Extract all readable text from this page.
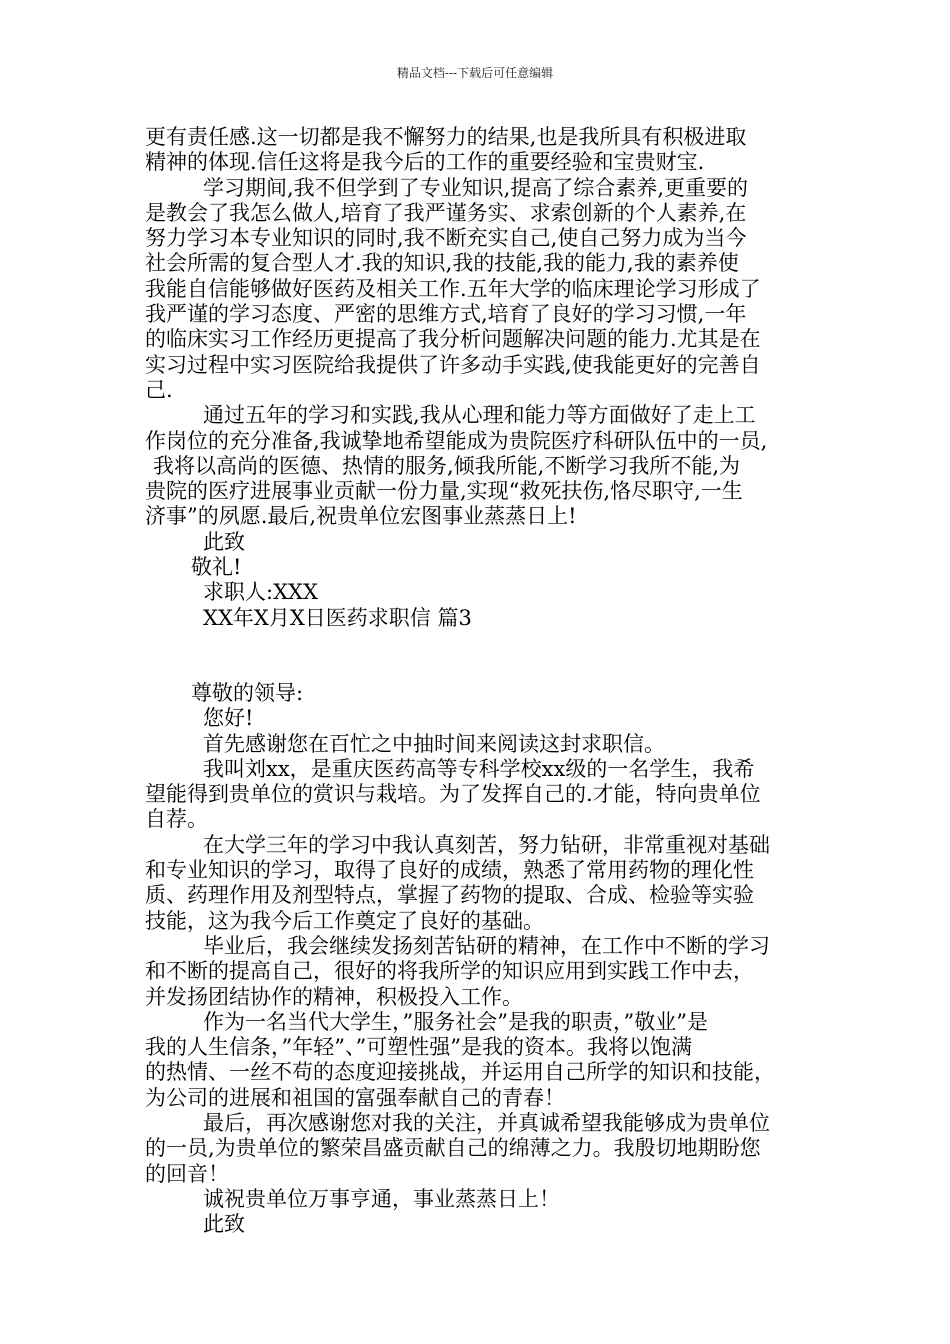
精品文档---下载后可任意编辑

更有责任感.这一切都是我不懈努力的结果,也是我所具有积极进取

精神的体现.信任这将是我今后的工作的重要经验和宝贵财宝.

学习期间,我不但学到了专业知识,提高了综合素养,更重要的

是教会了我怎么做人,培育了我严谨务实、求索创新的个人素养,在

努力学习本专业知识的同时,我不断充实自己,使自己努力成为当今

社会所需的复合型人才.我的知识,我的技能,我的能力,我的素养使

我能自信能够做好医药及相关工作.五年大学的临床理论学习形成了

我严谨的学习态度、严密的思维方式,培育了良好的学习习惯,一年

的临床实习工作经历更提高了我分析问题解决问题的能力.尤其是在

实习过程中实习医院给我提供了许多动手实践,使我能更好的完善自

己.

通过五年的学习和实践,我从心理和能力等方面做好了走上工

作岗位的充分准备,我诚挚地希望能成为贵院医疗科研队伍中的一员,

我将以高尚的医德、热情的服务,倾我所能,不断学习我所不能,为

贵院的医疗进展事业贡献一份力量,实现“救死扶伤,恪尽职守,一生

济事”的夙愿.最后,祝贵单位宏图事业蒸蒸日上!

此致

敬礼!

求职人:XXX

XX年X月X日医药求职信 篇3

尊敬的领导:

您好!

首先感谢您在百忙之中抽时间来阅读这封求职信。

我叫刘xx，是重庆医药高等专科学校xx级的一名学生，我希

望能得到贵单位的赏识与栽培。为了发挥自己的.才能，特向贵单位

自荐。

在大学三年的学习中我认真刻苦，努力钻研，非常重视对基础

和专业知识的学习，取得了良好的成绩，熟悉了常用药物的理化性

质、药理作用及剂型特点，掌握了药物的提取、合成、检验等实验

技能，这为我今后工作奠定了良好的基础。

毕业后，我会继续发扬刻苦钻研的精神，在工作中不断的学习

和不断的提高自己，很好的将我所学的知识应用到实践工作中去，

并发扬团结协作的精神，积极投入工作。

作为一名当代大学生，”服务社会”是我的职责，”敬业”是

我的人生信条，”年轻”、”可塑性强”是我的资本。我将以饱满

的热情、一丝不苟的态度迎接挑战，并运用自己所学的知识和技能，

为公司的进展和祖国的富强奉献自己的青春！

最后，再次感谢您对我的关注，并真诚希望我能够成为贵单位

的一员,为贵单位的繁荣昌盛贡献自己的绵薄之力。我殷切地期盼您

的回音！

诚祝贵单位万事亨通，事业蒸蒸日上！

此致
